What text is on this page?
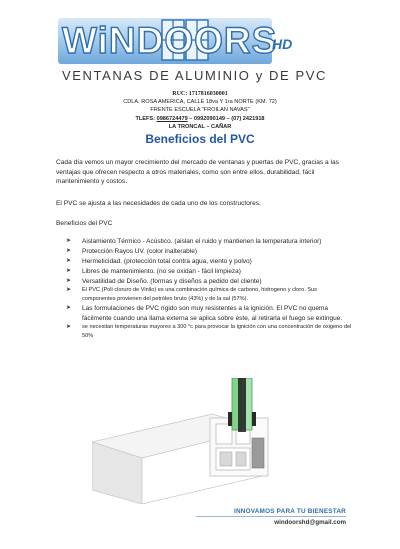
WiNDOORS
HD
VENTANAS DE ALUMINIO y DE PVC
RUC: 1717816030001
CDLA. ROSA AMERICA, CALLE 18va Y 1ra NORTE (KM. 72)
FRENTE ESCUELA "FROILAN NAVAS"
TLEFS: 0986724479 – 0992090149 – (07) 2421918
LA TRONCAL – CAÑAR
Beneficios del PVC
Cada día vemos un mayor crecimiento del mercado de ventanas y puertas de PVC, gracias a las ventajas que ofrecen respecto a otros materiales, como son entre ellos, durabilidad, fácil mantenimiento y costos.
El PVC se ajusta a las necesidades de cada uno de los constructores.
Beneficios del PVC
➤ Aislamiento Térmico - Acústico. (aislan el ruido y mantienen la temperatura interior)
➤ Protección Rayos UV. (color inalterable)
➤ Hermeticidad. (protección total contra agua, viento y polvo)
➤ Libres de mantenimiento. (no se oxidan - fácil limpieza)
➤ Versatilidad de Diseño. (formas y diseños a pedido del cliente)
➤ El PVC (Poli cloruro de Vinilo) es una combinación química de carbono, hidrogeno y cloro. Sus componentes provienen del petróleo bruto (43%) y de la sal (57%).
➤ Las formulaciones de PVC rígido son muy resistentes a la ignición. El PVC no quema fácilmente cuando una llama externa se aplica sobre éste, al retirarla el fuego se extingue.
➤ se necesitan temperaturas mayores a 300 °c para provocar la ignición con una concentración de oxigeno del 50%
INNOVAMOS PARA TU BIENESTAR
windoorshd@gmail.com
